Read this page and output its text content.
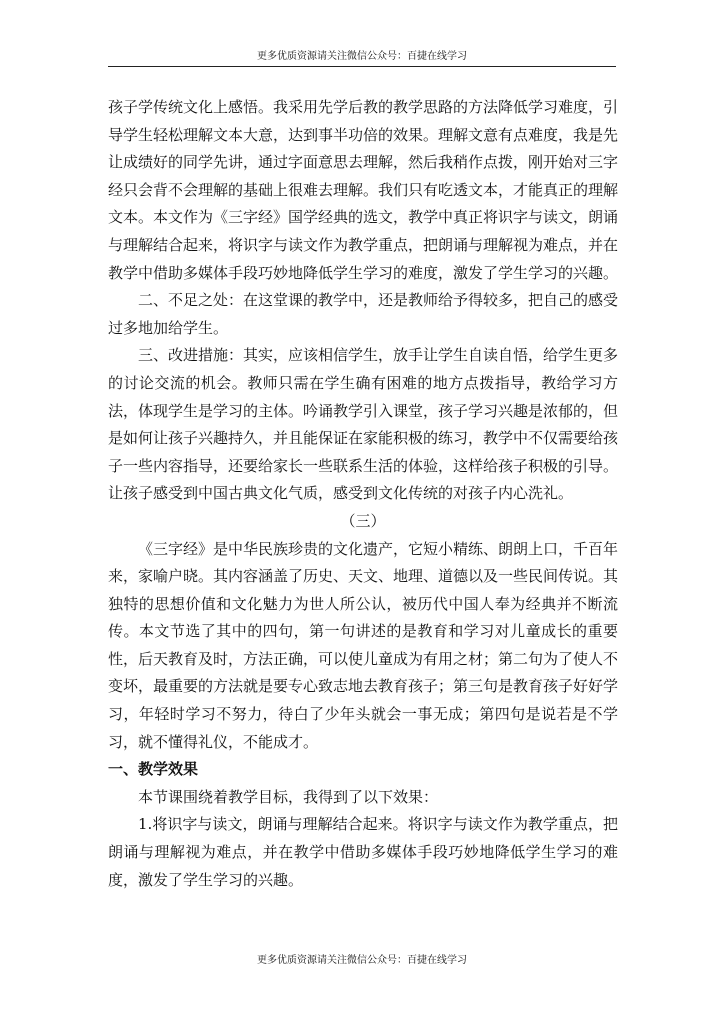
更多优质资源请关注微信公众号：百捷在线学习

孩子学传统文化上感悟。我采用先学后教的教学思路的方法降低学习难度，引导学生轻松理解文本大意，达到事半功倍的效果。理解文意有点难度，我是先让成绩好的同学先讲，通过字面意思去理解，然后我稍作点拨，刚开始对三字经只会背不会理解的基础上很难去理解。我们只有吃透文本，才能真正的理解文本。本文作为《三字经》国学经典的选文，教学中真正将识字与读文，朗诵与理解结合起来，将识字与读文作为教学重点，把朗诵与理解视为难点，并在教学中借助多媒体手段巧妙地降低学生学习的难度，激发了学生学习的兴趣。

二、不足之处：在这堂课的教学中，还是教师给予得较多，把自己的感受过多地加给学生。

三、改进措施：其实，应该相信学生，放手让学生自读自悟，给学生更多的讨论交流的机会。教师只需在学生确有困难的地方点拨指导，教给学习方法，体现学生是学习的主体。吟诵教学引入课堂，孩子学习兴趣是浓郁的，但是如何让孩子兴趣持久，并且能保证在家能积极的练习，教学中不仅需要给孩子一些内容指导，还要给家长一些联系生活的体验，这样给孩子积极的引导。让孩子感受到中国古典文化气质，感受到文化传统的对孩子内心洗礼。

（三）

《三字经》是中华民族珍贵的文化遗产，它短小精练、朗朗上口，千百年来，家喻户晓。其内容涵盖了历史、天文、地理、道德以及一些民间传说。其独特的思想价值和文化魅力为世人所公认，被历代中国人奉为经典并不断流传。本文节选了其中的四句，第一句讲述的是教育和学习对儿童成长的重要性，后天教育及时，方法正确，可以使儿童成为有用之材；第二句为了使人不变坏，最重要的方法就是要专心致志地去教育孩子；第三句是教育孩子好好学习，年轻时学习不努力，待白了少年头就会一事无成；第四句是说若是不学习，就不懂得礼仪，不能成才。

一、教学效果

本节课围绕着教学目标，我得到了以下效果：

1.将识字与读文，朗诵与理解结合起来。将识字与读文作为教学重点，把朗诵与理解视为难点，并在教学中借助多媒体手段巧妙地降低学生学习的难度，激发了学生学习的兴趣。

更多优质资源请关注微信公众号：百捷在线学习
